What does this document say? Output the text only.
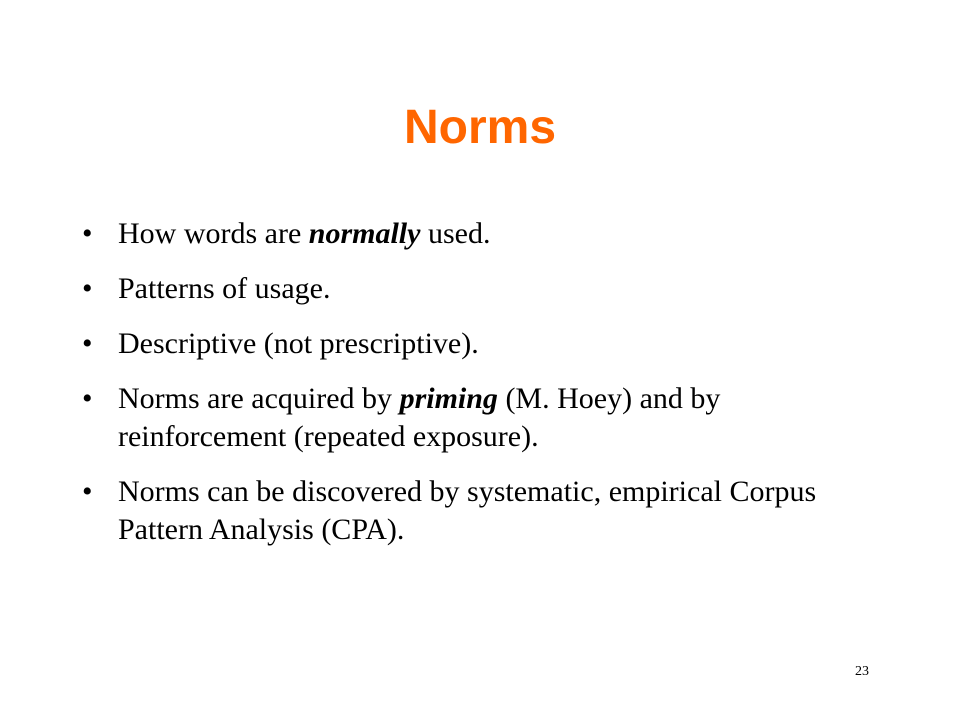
Norms
• How words are normally used.
• Patterns of usage.
• Descriptive (not prescriptive).
• Norms are acquired by priming (M. Hoey) and by reinforcement (repeated exposure).
• Norms can be discovered by systematic, empirical Corpus Pattern Analysis (CPA).
23
